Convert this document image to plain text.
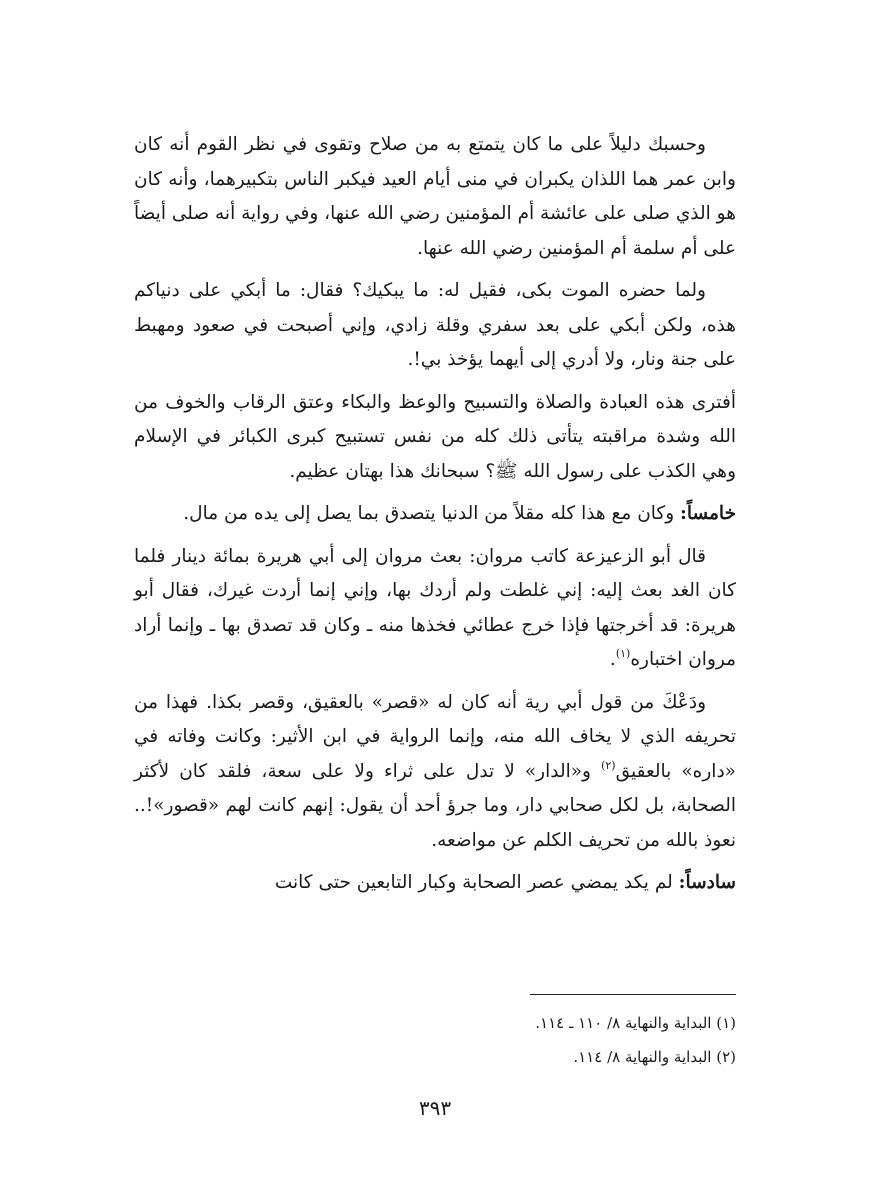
وحسبك دليلاً على ما كان يتمتع به من صلاح وتقوى في نظر القوم أنه كان وابن عمر هما اللذان يكبران في منى أيام العيد فيكبر الناس بتكبيرهما، وأنه كان هو الذي صلى على عائشة أم المؤمنين رضي الله عنها، وفي رواية أنه صلى أيضاً على أم سلمة أم المؤمنين رضي الله عنها.

ولما حضره الموت بكى، فقيل له: ما يبكيك؟ فقال: ما أبكي على دنياكم هذه، ولكن أبكي على بعد سفري وقلة زادي، وإني أصبحت في صعود ومهبط على جنة ونار، ولا أدري إلى أيهما يؤخذ بي!.

أفترى هذه العبادة والصلاة والتسبيح والوعظ والبكاء وعتق الرقاب والخوف من الله وشدة مراقبته يتأتى ذلك كله من نفس تستبيح كبرى الكبائر في الإسلام وهي الكذب على رسول الله ﷺ؟ سبحانك هذا بهتان عظيم.

خامساً: وكان مع هذا كله مقلاً من الدنيا يتصدق بما يصل إلى يده من مال.

قال أبو الزعيزعة كاتب مروان: بعث مروان إلى أبي هريرة بمائة دينار فلما كان الغد بعث إليه: إني غلطت ولم أردك بها، وإني إنما أردت غيرك، فقال أبو هريرة: قد أخرجتها فإذا خرج عطائي فخذها منه ـ وكان قد تصدق بها ـ وإنما أراد مروان اختباره$^{(١)}$.

ودَعْكَ من قول أبي رية أنه كان له «قصر» بالعقيق، وقصر بكذا. فهذا من تحريفه الذي لا يخاف الله منه، وإنما الرواية في ابن الأثير: وكانت وفاته في «داره» بالعقيق$^{(٢)}$ و«الدار» لا تدل على ثراء ولا على سعة، فلقد كان لأكثر الصحابة، بل لكل صحابي دار، وما جرؤ أحد أن يقول: إنهم كانت لهم «قصور»!.. نعوذ بالله من تحريف الكلم عن مواضعه.

سادساً: لم يكد يمضي عصر الصحابة وكبار التابعين حتى كانت

(١) البداية والنهاية ٨/ ١١٠ ـ ١١٤.

(٢) البداية والنهاية ٨/ ١١٤.

٣٩٣
